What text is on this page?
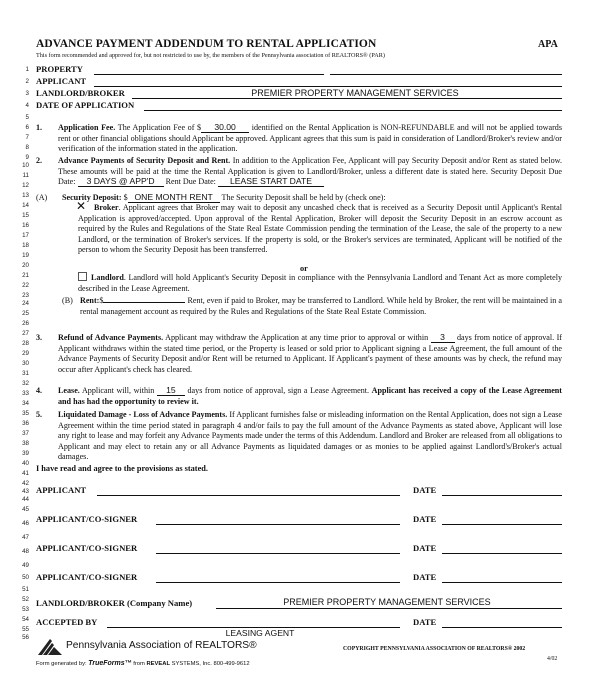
ADVANCE PAYMENT ADDENDUM TO RENTAL APPLICATION	APA
This form recommended and approved for, but not restricted to use by, the members of the Pennsylvania association of REALTORS® (PAR)
1
2
3
4
5
6
7
8
9
10
11
12
13
14
15
16
17
18
19
20
21
22
23
24
25
26
27
28
29
30
31
32
33
34
35
36
37
38
39
40
41
42
43
44
45
46
47
48
49
50
51
52
53
54
55
56
PROPERTY
APPLICANT
LANDLORD/BROKER	PREMIER PROPERTY MANAGEMENT SERVICES
DATE OF APPLICATION
1. Application Fee. The Application Fee of $ 30.00 identified on the Rental Application is NON-REFUNDABLE and will not be applied towards rent or other financial obligations should Applicant be approved. Applicant agrees that this sum is paid in consideration of Landlord/Broker's review and/or verification of the information stated in the application.
2. Advance Payments of Security Deposit and Rent. In addition to the Application Fee, Applicant will pay Security Deposit and/or Rent as stated below. These amounts will be paid at the time the Rental Application is given to Landlord/Broker, unless a different date is stated here. Security Deposit Due Date: 3 DAYS @ APP'D Rent Due Date: LEASE START DATE
(A)	Security Deposit: $ ONE MONTH RENT The Security Deposit shall be held by (check one):
✕ Broker. Applicant agrees that Broker may wait to deposit any uncashed check that is received as a Security Deposit until Applicant's Rental Application is approved/accepted. Upon approval of the Rental Application, Broker will deposit the Security Deposit in an escrow account as required by the Rules and Regulations of the State Real Estate Commission pending the termination of the Lease, the sale of the property to a new Landlord, or the termination of Broker's services. If the property is sold, or the Broker's services are terminated, Applicant will be notified of the person to whom the Security Deposit has been transferred.
or
Landlord. Landlord will hold Applicant's Security Deposit in compliance with the Pennsylvania Landlord and Tenant Act as more completely described in the Lease Agreement.
(B) Rent:$	Rent, even if paid to Broker, may be transferred to Landlord. While held by Broker, the rent will be maintained in a rental management account as required by the Rules and Regulations of the State Real Estate Commission.
3. Refund of Advance Payments. Applicant may withdraw the Application at any time prior to approval or within 3 days from notice of approval. If Applicant withdraws within the stated time period, or the Property is leased or sold prior to Applicant signing a Lease Agreement, the full amount of the Advance Payments of Security Deposit and/or Rent will be returned to Applicant. If Applicant's payment of these amounts was by check, the refund may occur after Applicant's check has cleared.
4. Lease. Applicant will, within 15 days from notice of approval, sign a Lease Agreement. Applicant has received a copy of the Lease Agreement and has had the opportunity to review it.
5. Liquidated Damage - Loss of Advance Payments. If Applicant furnishes false or misleading information on the Rental Application, does not sign a Lease Agreement within the time period stated in paragraph 4 and/or fails to pay the full amount of the Advance Payments as stated above, Applicant will lose any right to lease and may forfeit any Advance Payments made under the terms of this Addendum. Landlord and Broker are released from all obligations to Applicant and may elect to retain any or all Advance Payments as liquidated damages or as monies to be applied against Landlord's/Broker's actual damages.
I have read and agree to the provisions as stated.
APPLICANT	DATE
APPLICANT/CO-SIGNER	DATE
APPLICANT/CO-SIGNER	DATE
APPLICANT/CO-SIGNER	DATE
LANDLORD/BROKER (Company Name)	PREMIER PROPERTY MANAGEMENT SERVICES
ACCEPTED BY	DATE
LEASING AGENT
Pennsylvania Association of REALTORS®
Form generated by: TrueForms™ from REVEAL SYSTEMS, Inc. 800-499-9612
COPYRIGHT PENNSYLVANIA ASSOCIATION OF REALTORS® 2002
4/02
